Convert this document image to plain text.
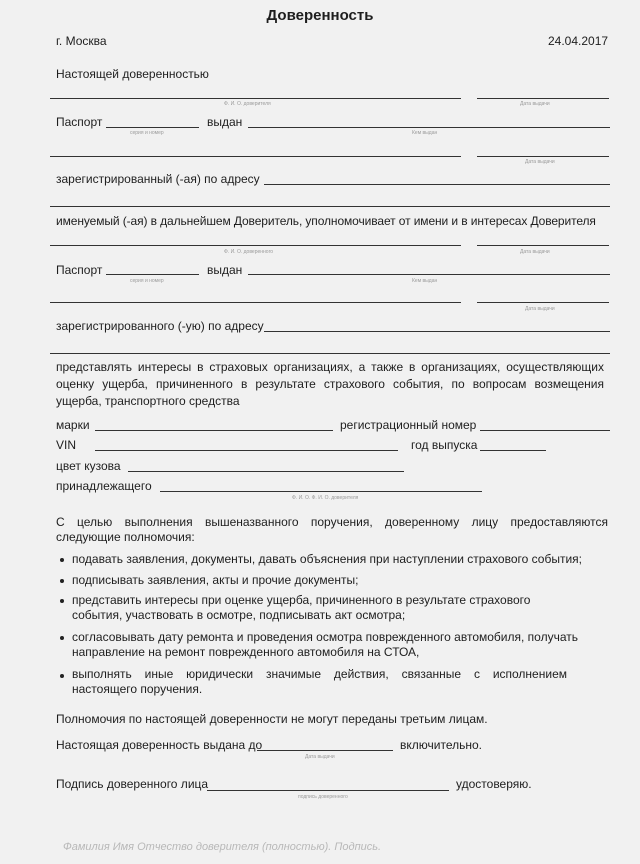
Доверенность
г. Москва	24.04.2017
Настоящей доверенностью
Ф. И. О. доверителя	Дата выдачи
Паспорт	выдан
серия и номер	Кем выдан
Дата выдачи
зарегистрированный (-ая) по адресу
именуемый (-ая) в дальнейшем Доверитель, уполномочивает от имени и в интересах Доверителя
Ф. И. О. доверенного	Дата выдачи
Паспорт	выдан
серия и номер	Кем выдан
Дата выдачи
зарегистрированного (-ую) по адресу
представлять интересы в страховых организациях, а также в организациях, осуществляющих оценку ущерба, причиненного в результате страхового события, по вопросам возмещения ущерба, транспортного средства
марки	регистрационный номер
VIN	год выпуска
цвет кузова
принадлежащего
Ф. И. О. Ф. И. О. доверителя
С целью выполнения вышеназванного поручения, доверенному лицу предоставляются следующие полномочия:
подавать заявления, документы, давать объяснения при наступлении страхового события;
подписывать заявления, акты и прочие документы;
представить интересы при оценке ущерба, причиненного в результате страхового события, участвовать в осмотре, подписывать акт осмотра;
согласовывать дату ремонта и проведения осмотра поврежденного автомобиля, получать направление на ремонт поврежденного автомобиля на СТОА,
выполнять иные юридически значимые действия, связанные с исполнением настоящего поручения.
Полномочия по настоящей доверенности не могут переданы третьим лицам.
Настоящая доверенность выдана до	включительно.
Дата выдачи
Подпись доверенного лица	удостоверяю.
подпись доверенного
Фамилия Имя Отчество доверителя (полностью). Подпись.
